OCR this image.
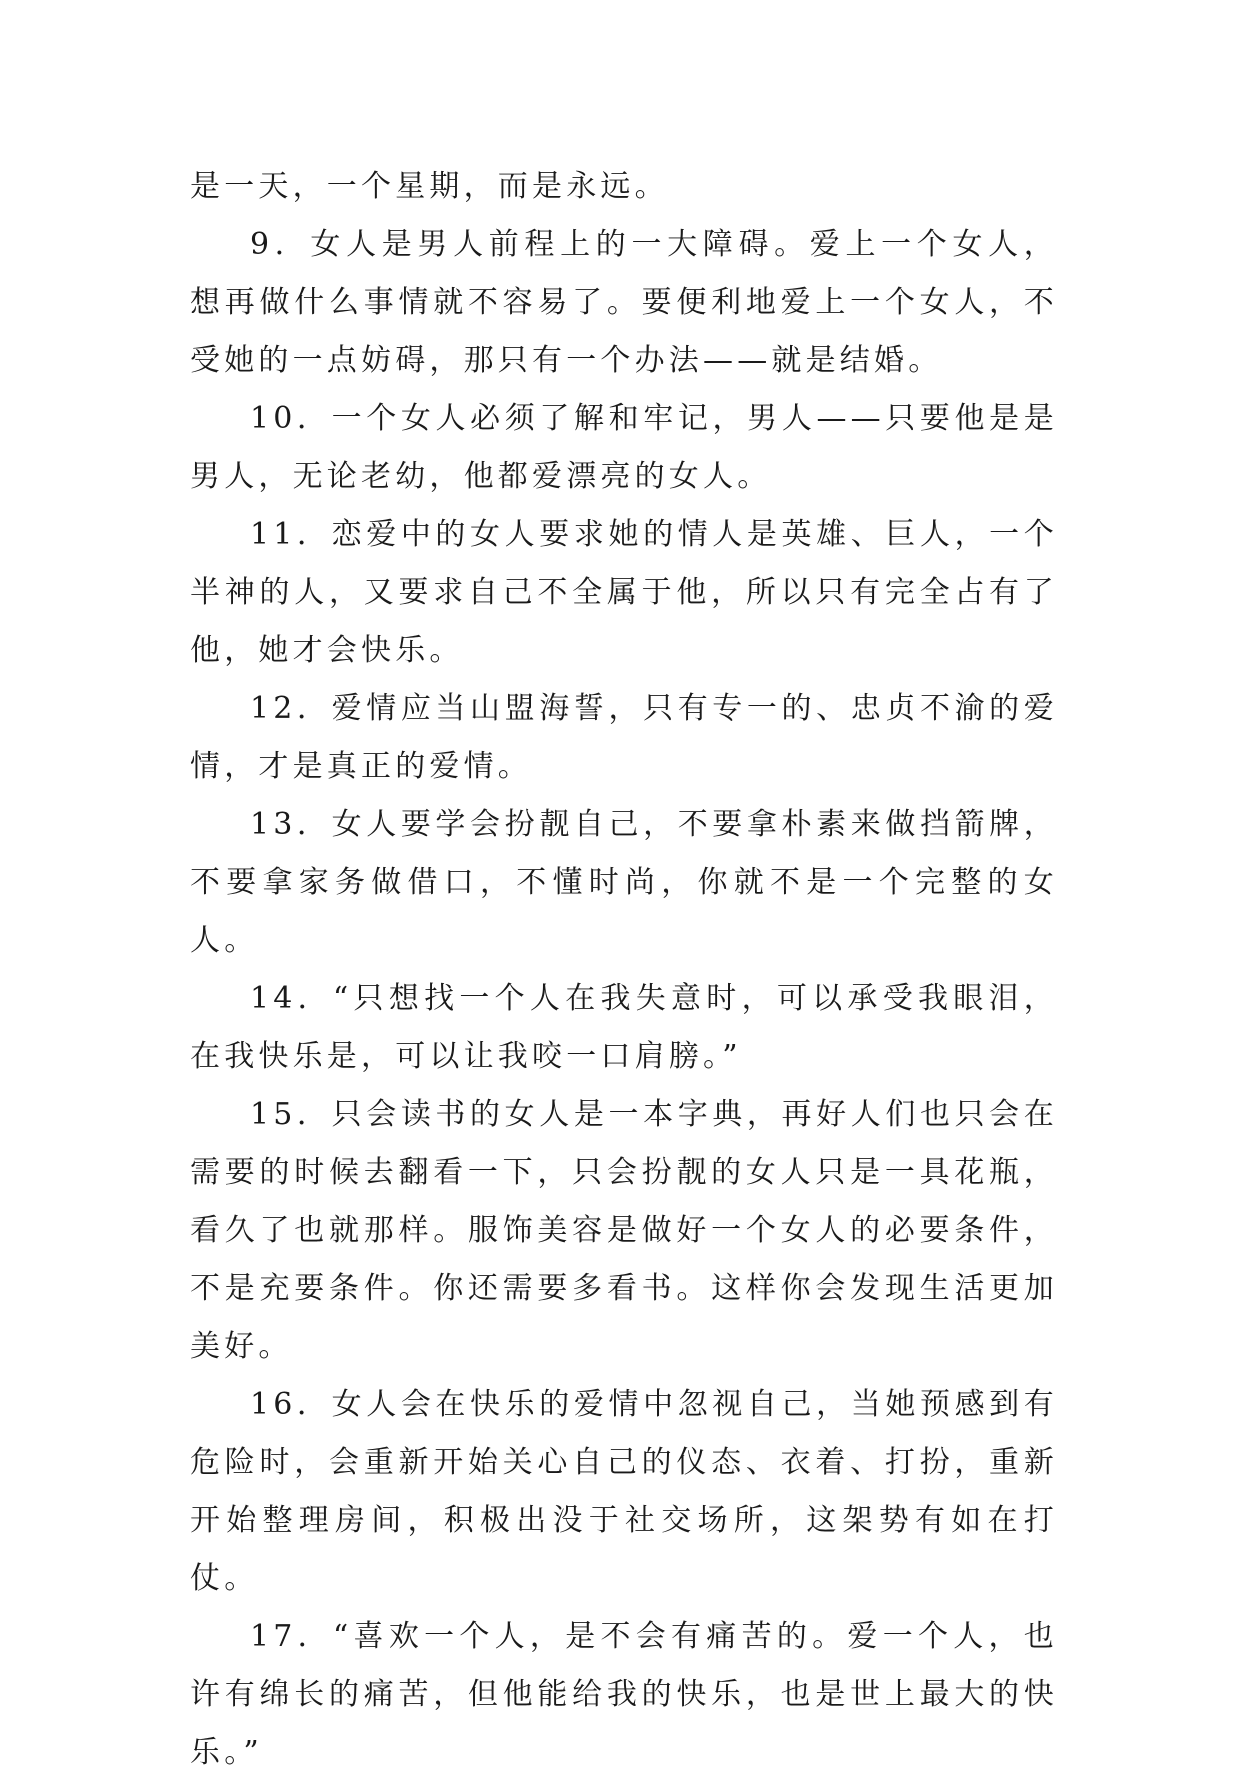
是一天，一个星期，而是永远。

9．女人是男人前程上的一大障碍。爱上一个女人，想再做什么事情就不容易了。要便利地爱上一个女人，不受她的一点妨碍，那只有一个办法——就是结婚。

10．一个女人必须了解和牢记，男人——只要他是是男人，无论老幼，他都爱漂亮的女人。

11．恋爱中的女人要求她的情人是英雄、巨人，一个半神的人，又要求自己不全属于他，所以只有完全占有了他，她才会快乐。

12．爱情应当山盟海誓，只有专一的、忠贞不渝的爱情，才是真正的爱情。

13．女人要学会扮靓自己，不要拿朴素来做挡箭牌，不要拿家务做借口，不懂时尚，你就不是一个完整的女人。

14．“只想找一个人在我失意时，可以承受我眼泪，在我快乐是，可以让我咬一口肩膀。”

15．只会读书的女人是一本字典，再好人们也只会在需要的时候去翻看一下，只会扮靓的女人只是一具花瓶，看久了也就那样。服饰美容是做好一个女人的必要条件，不是充要条件。你还需要多看书。这样你会发现生活更加美好。

16．女人会在快乐的爱情中忽视自己，当她预感到有危险时，会重新开始关心自己的仪态、衣着、打扮，重新开始整理房间，积极出没于社交场所，这架势有如在打仗。

17．“喜欢一个人，是不会有痛苦的。爱一个人，也许有绵长的痛苦，但他能给我的快乐，也是世上最大的快乐。”
